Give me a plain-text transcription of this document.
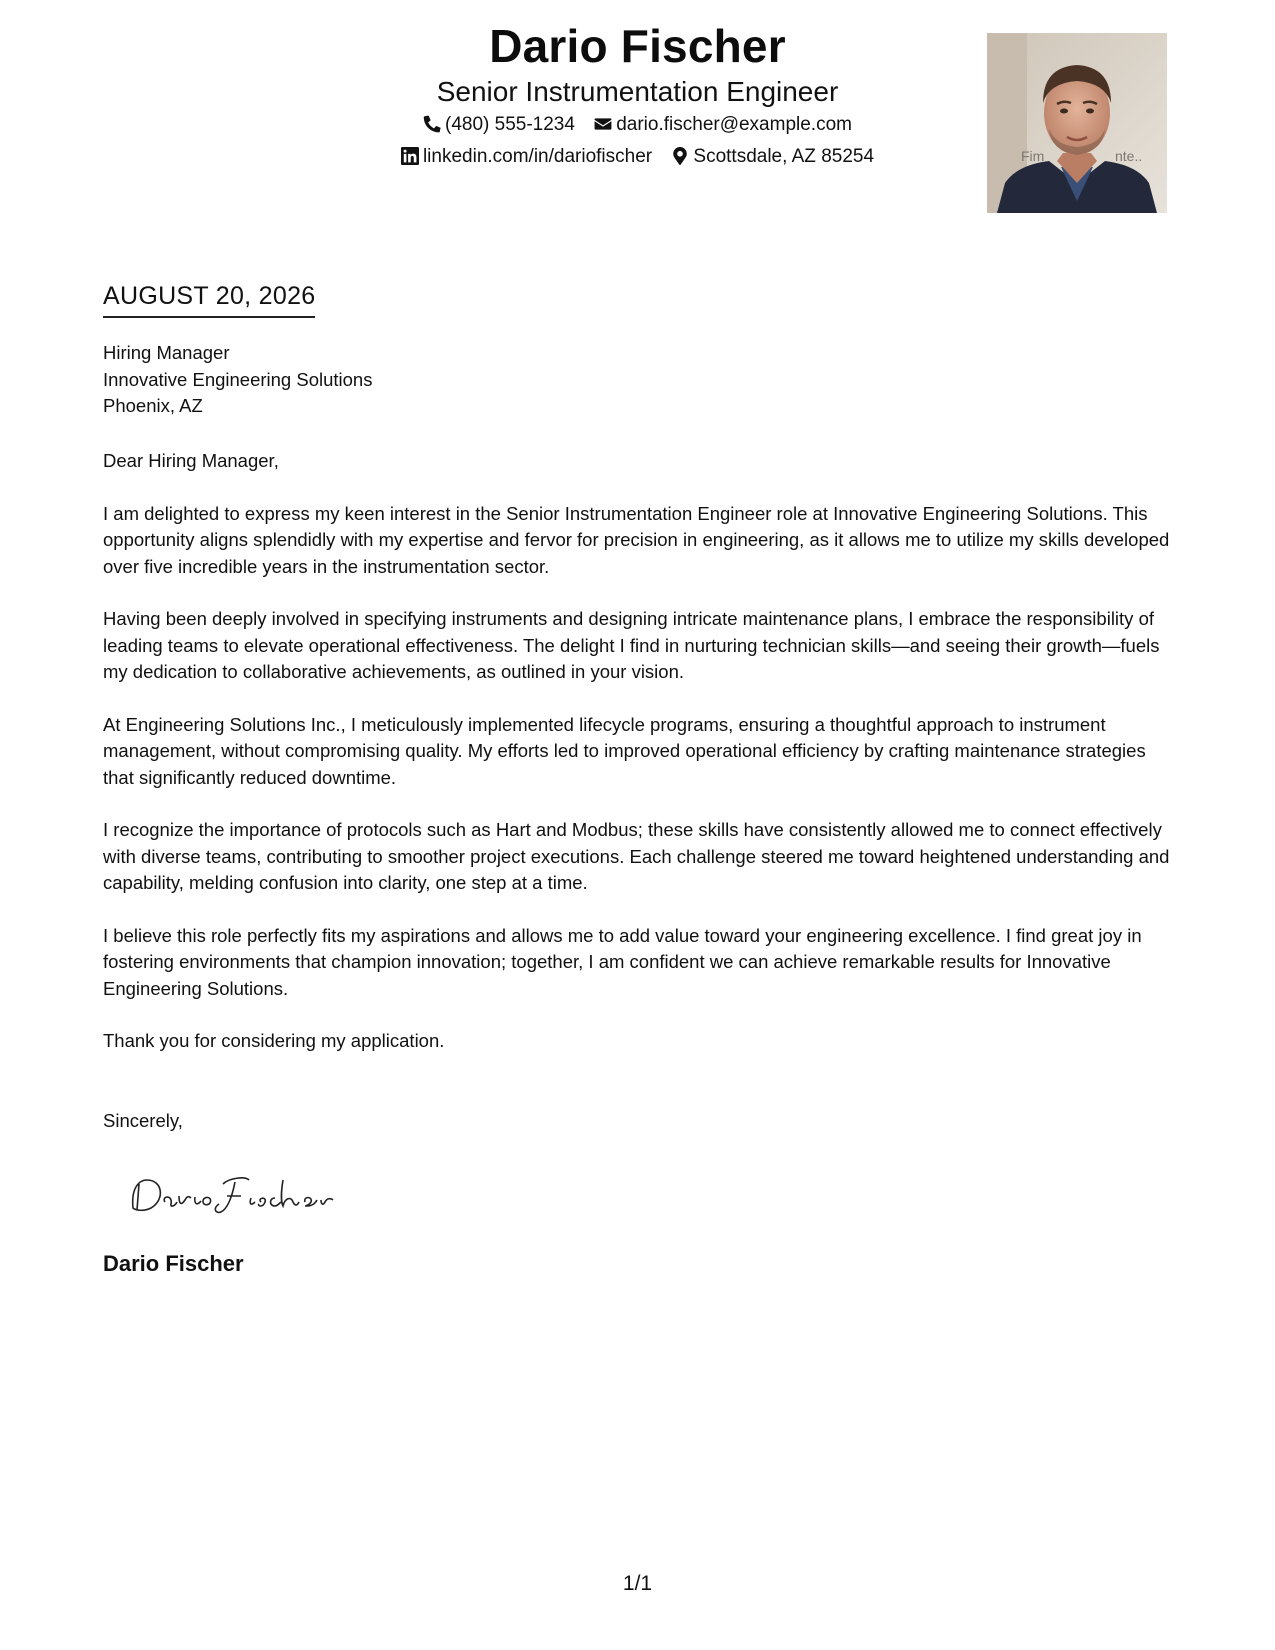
Dario Fischer
Senior Instrumentation Engineer
(480) 555-1234 dario.fischer@example.com
linkedin.com/in/dariofischer Scottsdale, AZ 85254	Fim	nte..
AUGUST 20, 2026
Hiring Manager
Innovative Engineering Solutions
Phoenix, AZ

Dear Hiring Manager,

I am delighted to express my keen interest in the Senior Instrumentation Engineer role at Innovative Engineering Solutions. This opportunity aligns splendidly with my expertise and fervor for precision in engineering, as it allows me to utilize my skills developed over five incredible years in the instrumentation sector.

Having been deeply involved in specifying instruments and designing intricate maintenance plans, I embrace the responsibility of leading teams to elevate operational effectiveness. The delight I find in nurturing technician skills—and seeing their growth—fuels my dedication to collaborative achievements, as outlined in your vision.

At Engineering Solutions Inc., I meticulously implemented lifecycle programs, ensuring a thoughtful approach to instrument management, without compromising quality. My efforts led to improved operational efficiency by crafting maintenance strategies that significantly reduced downtime.

I recognize the importance of protocols such as Hart and Modbus; these skills have consistently allowed me to connect effectively with diverse teams, contributing to smoother project executions. Each challenge steered me toward heightened understanding and capability, melding confusion into clarity, one step at a time.

I believe this role perfectly fits my aspirations and allows me to add value toward your engineering excellence. I find great joy in fostering environments that champion innovation; together, I am confident we can achieve remarkable results for Innovative Engineering Solutions.

Thank you for considering my application.

Sincerely,
Dario Fischer
1/1
